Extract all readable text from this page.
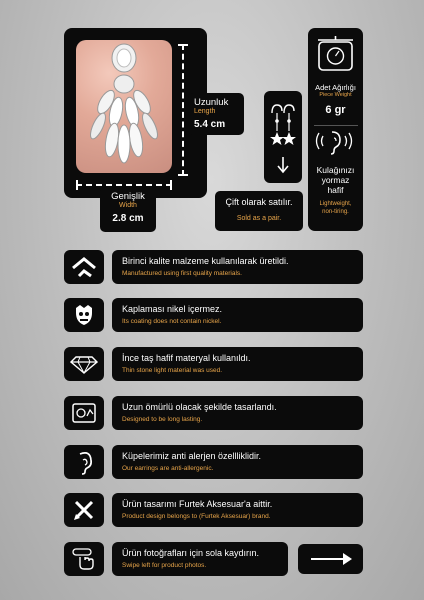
Uzunluk
Length
5.4 cm
Genişlik
Width
2.8 cm
Çift olarak satılır.
Sold as a pair.
Adet Ağırlığı
Piece Weight
6 gr
Kulağınızı
yormaz
hafif
Lightweight,
non-tiring.
Birinci kalite malzeme kullanılarak üretildi.
Manufactured using first quality materials.
Kaplaması nikel içermez.
Its coating does not contain nickel.
İnce taş hafif materyal kullanıldı.
Thin stone light material was used.
Uzun ömürlü olacak şekilde tasarlandı.
Designed to be long lasting.
Küpelerimiz anti alerjen özellliklidir.
Our earrings are anti-allergenic.
Ürün tasarımı Furtek Aksesuar'a aittir.
Product design belongs to (Furtek Aksesuar) brand.
Ürün fotoğrafları için sola kaydırın.
Swipe left for product photos.
